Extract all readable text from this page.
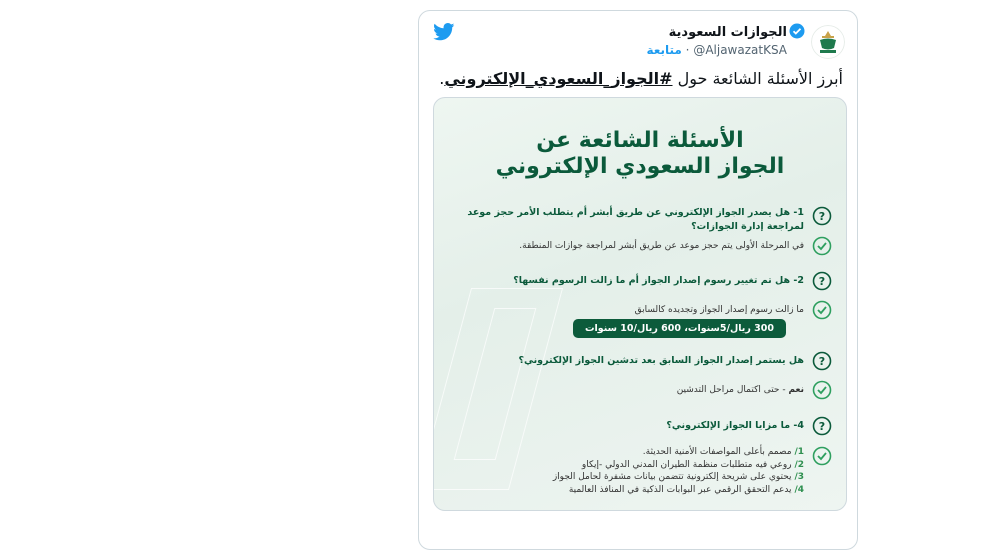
الجوازات السعودية
متابعة · @AljawazatKSA
أبرز الأسئلة الشائعة حول #الجواز_السعودي_الإلكتروني.
الأسئلة الشائعة عن
الجواز السعودي الإلكتروني
?
1- هل يصدر الجواز الإلكتروني عن طريق أبشر أم يتطلب الأمر حجز موعد لمراجعة إدارة الجوازات؟
في المرحلة الأولى يتم حجز موعد عن طريق أبشر لمراجعة جوازات المنطقة.
?
2- هل تم تغيير رسوم إصدار الجواز أم ما زالت الرسوم نفسها؟
ما زالت رسوم إصدار الجواز وتجديده كالسابق
300 ريال/5سنوات، 600 ريال/10 سنوات
?
هل يستمر إصدار الجواز السابق بعد تدشين الجواز الإلكتروني؟
نعم - حتى اكتمال مراحل التدشين
?
4- ما مزايا الجواز الإلكتروني؟
1/ مصمم بأعلى المواصفات الأمنية الحديثة.
2/ روعي فيه متطلبات منظمة الطيران المدني الدولي -إيكاو
3/ يحتوي على شريحة إلكترونية تتضمن بيانات مشفرة لحامل الجواز
4/ يدعم التحقق الرقمي عبر البوابات الذكية في المنافذ العالمية
